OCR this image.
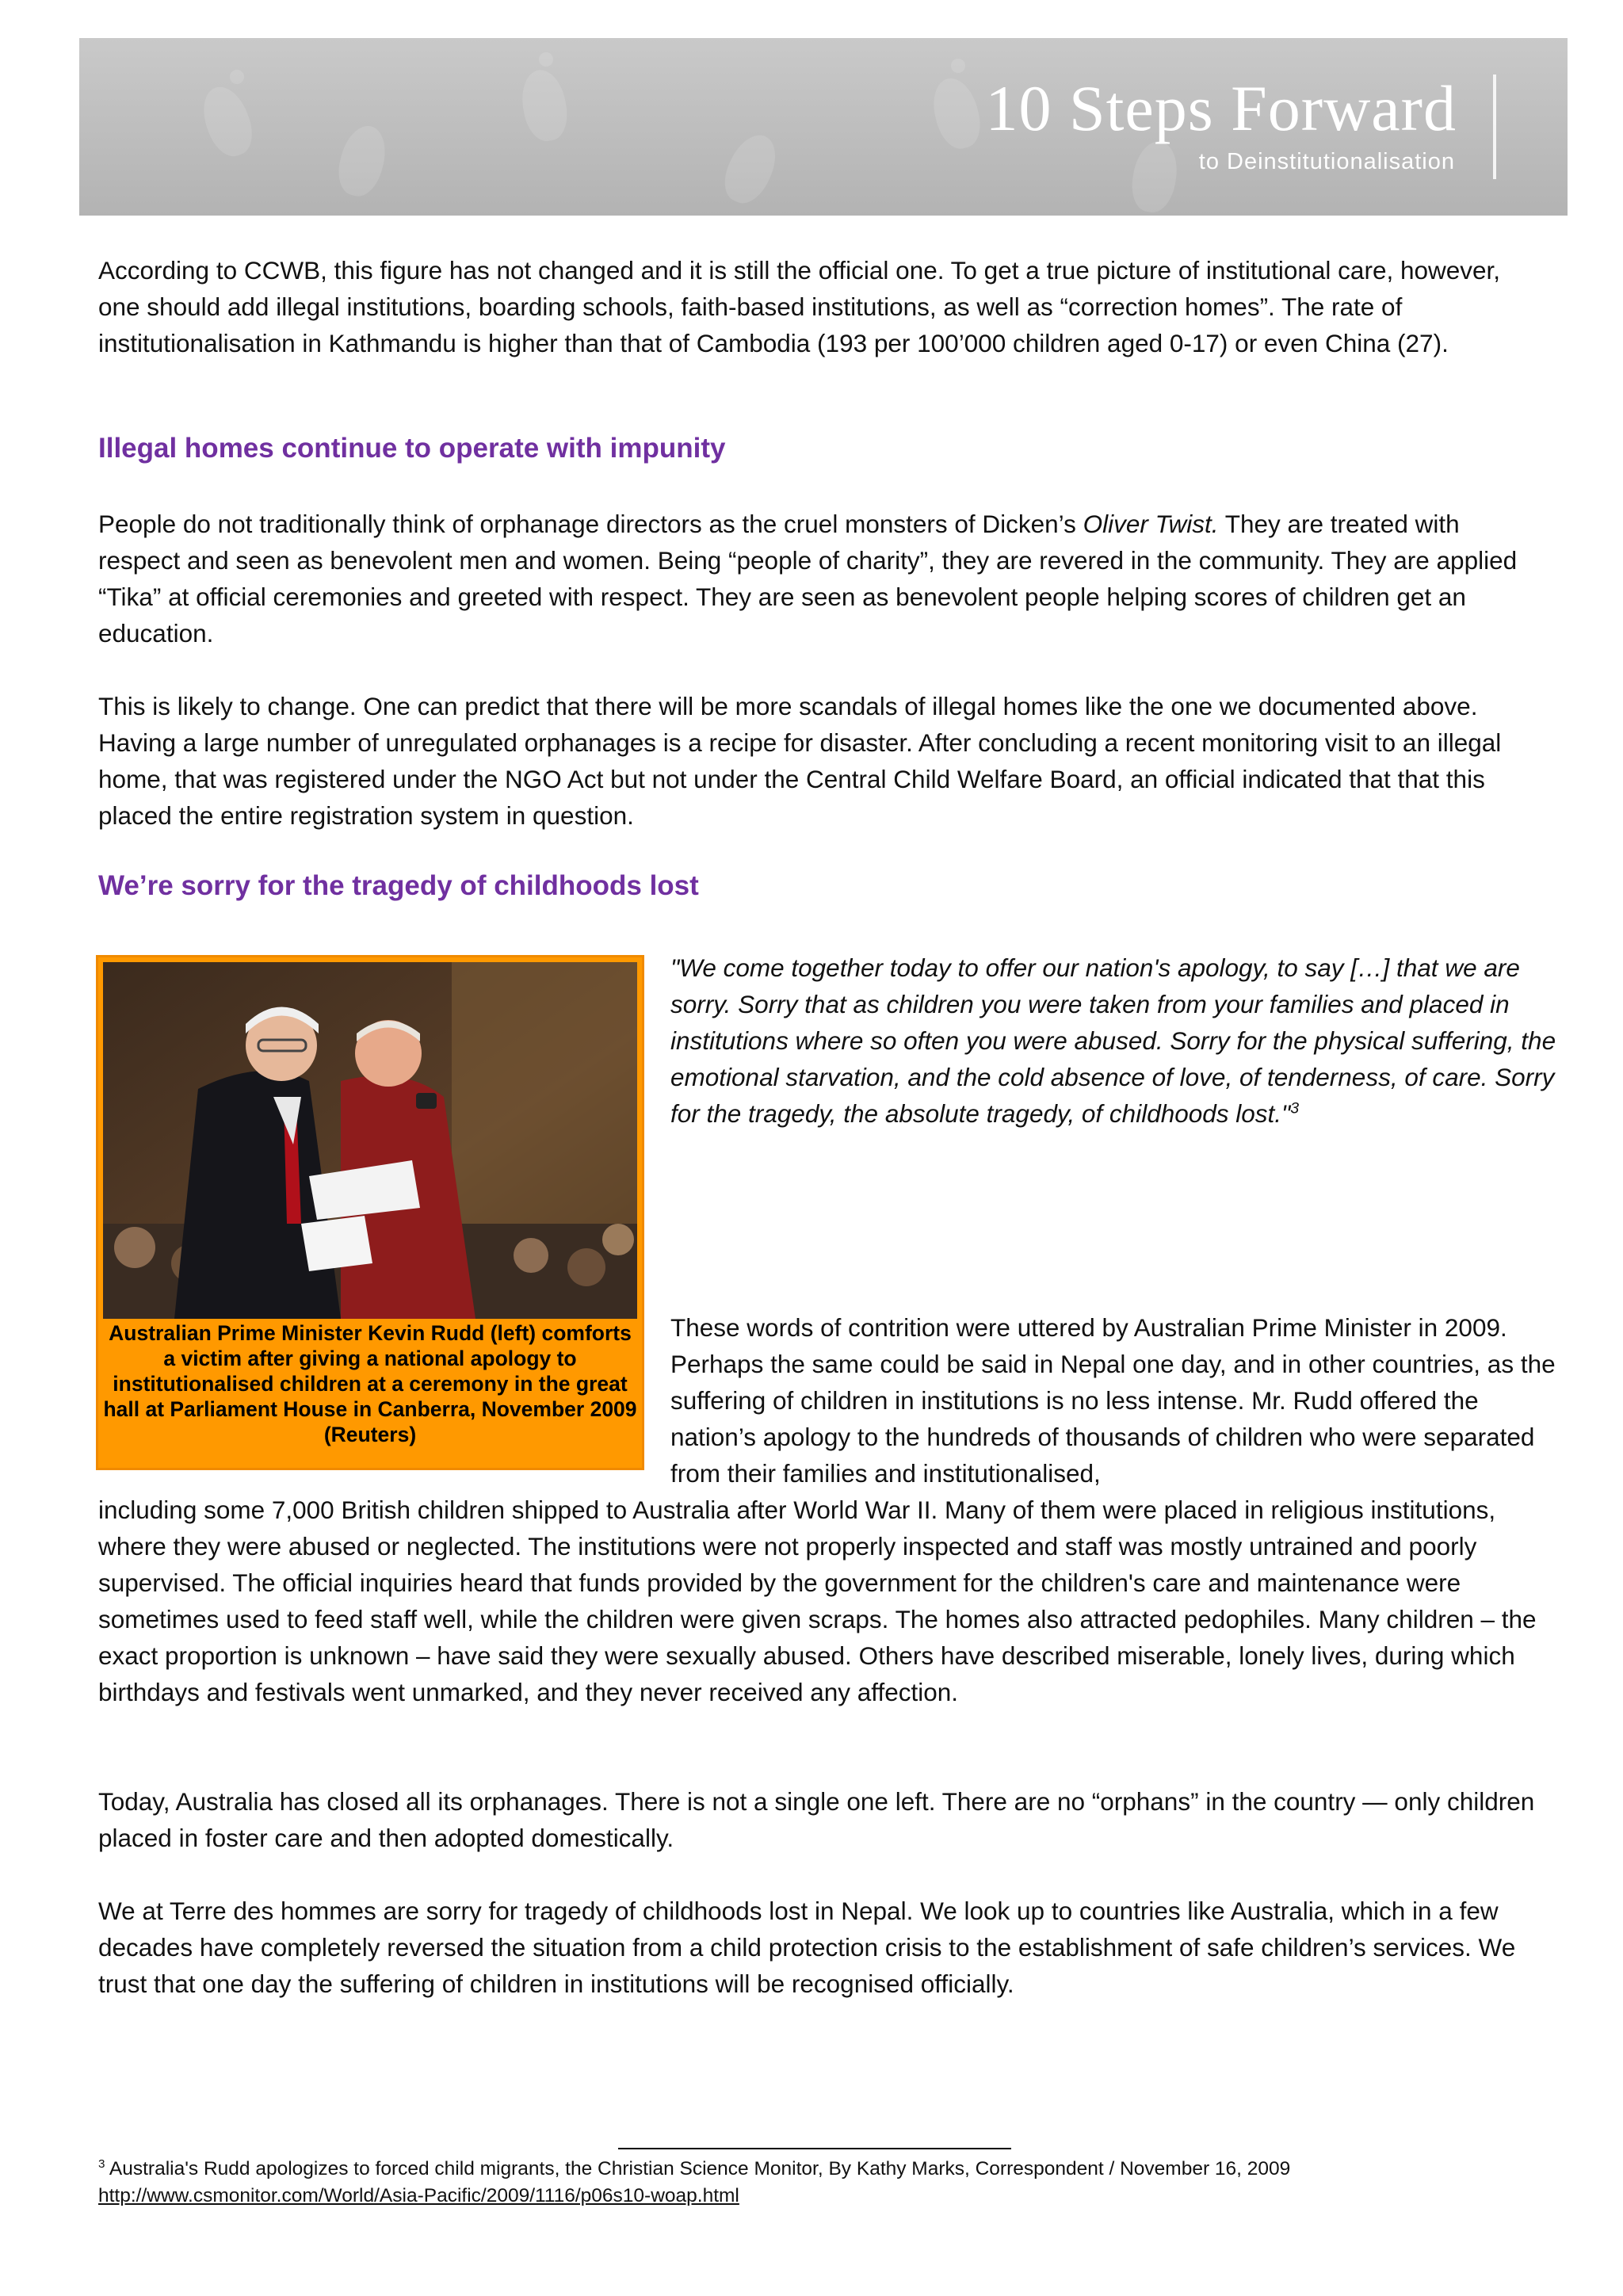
10 Steps Forward
to Deinstitutionalisation

According to CCWB, this figure has not changed and it is still the official one. To get a true picture of institutional care, however, one should add illegal institutions, boarding schools, faith-based institutions, as well as “correction homes”. The rate of institutionalisation in Kathmandu is higher than that of Cambodia (193 per 100’000 children aged 0-17) or even China (27).

Illegal homes continue to operate with impunity

People do not traditionally think of orphanage directors as the cruel monsters of Dicken’s Oliver Twist. They are treated with respect and seen as benevolent men and women. Being “people of charity”, they are revered in the community. They are applied “Tika” at official ceremonies and greeted with respect. They are seen as benevolent people helping scores of children get an education.

This is likely to change. One can predict that there will be more scandals of illegal homes like the one we documented above. Having a large number of unregulated orphanages is a recipe for disaster. After concluding a recent monitoring visit to an illegal home, that was registered under the NGO Act but not under the Central Child Welfare Board, an official indicated that that this placed the entire registration system in question.

We’re sorry for the tragedy of childhoods lost
Australian Prime Minister Kevin Rudd (left) comforts a victim after giving a national apology to institutionalised children at a ceremony in the great hall at Parliament House in Canberra, November 2009 (Reuters)
"We come together today to offer our nation's apology, to say […] that we are sorry. Sorry that as children you were taken from your families and placed in institutions where so often you were abused. Sorry for the physical suffering, the emotional starvation, and the cold absence of love, of tenderness, of care. Sorry for the tragedy, the absolute tragedy, of childhoods lost."$^3$

These words of contrition were uttered by Australian Prime Minister in 2009. Perhaps the same could be said in Nepal one day, and in other countries, as the suffering of children in institutions is no less intense. Mr. Rudd offered the nation’s apology to the hundreds of thousands of children who were separated from their families and institutionalised,

including some 7,000 British children shipped to Australia after World War II. Many of them were placed in religious institutions, where they were abused or neglected. The institutions were not properly inspected and staff was mostly untrained and poorly supervised. The official inquiries heard that funds provided by the government for the children's care and maintenance were sometimes used to feed staff well, while the children were given scraps. The homes also attracted pedophiles. Many children – the exact proportion is unknown – have said they were sexually abused. Others have described miserable, lonely lives, during which birthdays and festivals went unmarked, and they never received any affection.

Today, Australia has closed all its orphanages. There is not a single one left. There are no “orphans” in the country — only children placed in foster care and then adopted domestically.

We at Terre des hommes are sorry for tragedy of childhoods lost in Nepal. We look up to countries like Australia, which in a few decades have completely reversed the situation from a child protection crisis to the establishment of safe children’s services. We trust that one day the suffering of children in institutions will be recognised officially.

$^3$ Australia's Rudd apologizes to forced child migrants, the Christian Science Monitor, By Kathy Marks, Correspondent / November 16, 2009
http://www.csmonitor.com/World/Asia-Pacific/2009/1116/p06s10-woap.html
